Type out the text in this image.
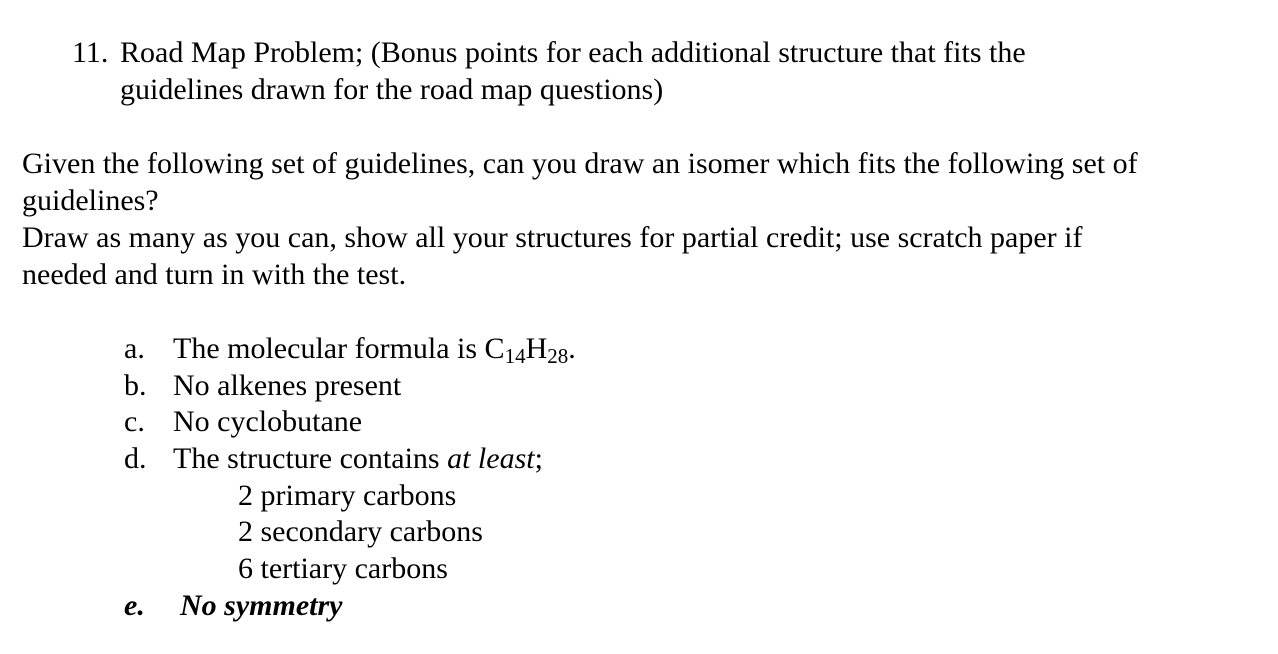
11. Road Map Problem; (Bonus points for each additional structure that fits the
guidelines drawn for the road map questions)
Given the following set of guidelines, can you draw an isomer which fits the following set of
guidelines?
Draw as many as you can, show all your structures for partial credit; use scratch paper if
needed and turn in with the test.
a. The molecular formula is $C_{14}H_{28}$.
b. No alkenes present
c. No cyclobutane
d. The structure contains at least;
2 primary carbons
2 secondary carbons
6 tertiary carbons
e. No symmetry
